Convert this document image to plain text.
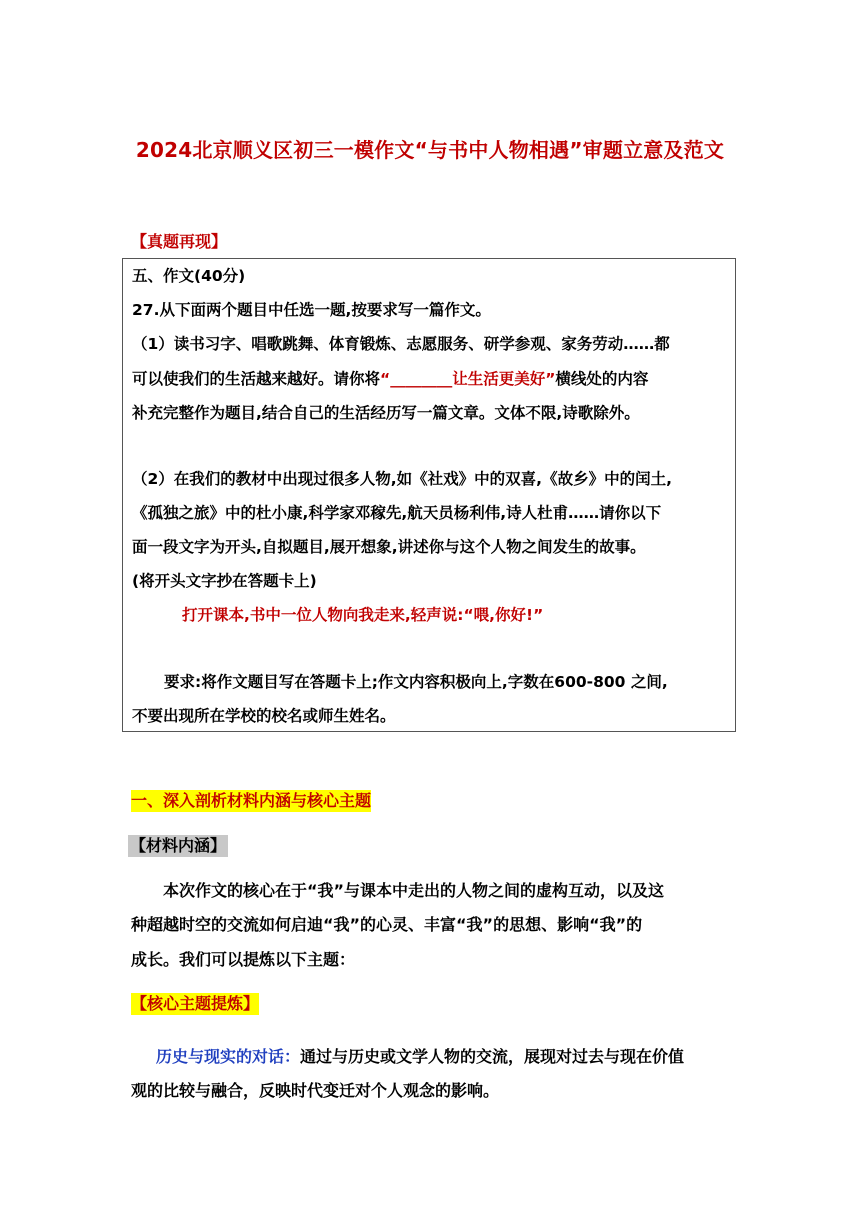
2024北京顺义区初三一模作文“与书中人物相遇”审题立意及范文
【真题再现】
五、作文(40分)
27.从下面两个题目中任选一题,按要求写一篇作文。
（1）读书习字、唱歌跳舞、体育锻炼、志愿服务、研学参观、家务劳动……都
可以使我们的生活越来越好。请你将“________让生活更美好”横线处的内容
补充完整作为题目,结合自己的生活经历写一篇文章。文体不限,诗歌除外。
（2）在我们的教材中出现过很多人物,如《社戏》中的双喜,《故乡》中的闰土,
《孤独之旅》中的杜小康,科学家邓稼先,航天员杨利伟,诗人杜甫……请你以下
面一段文字为开头,自拟题目,展开想象,讲述你与这个人物之间发生的故事。
(将开头文字抄在答题卡上)
打开课本,书中一位人物向我走来,轻声说:“喂,你好!”
要求:将作文题目写在答题卡上;作文内容积极向上,字数在600-800 之间,
不要出现所在学校的校名或师生姓名。
一、深入剖析材料内涵与核心主题
【材料内涵】
本次作文的核心在于“我”与课本中走出的人物之间的虚构互动，以及这
种超越时空的交流如何启迪“我”的心灵、丰富“我”的思想、影响“我”的
成长。我们可以提炼以下主题：
【核心主题提炼】
历史与现实的对话：通过与历史或文学人物的交流，展现对过去与现在价值
观的比较与融合，反映时代变迁对个人观念的影响。
